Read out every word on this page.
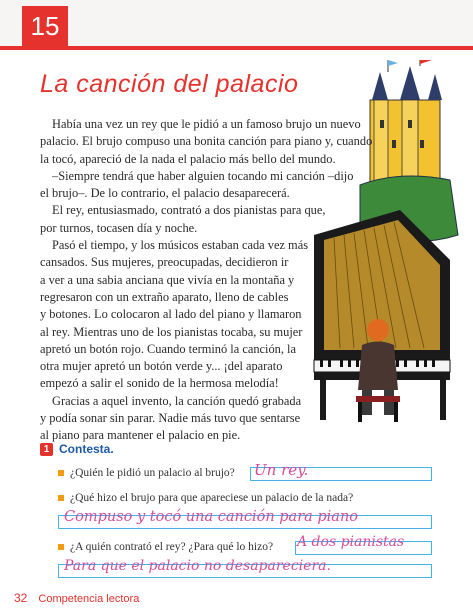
15
La canción del palacio

Había una vez un rey que le pidió a un famoso brujo un nuevo

palacio. El brujo compuso una bonita canción para piano y, cuando
la tocó, apareció de la nada el palacio más bello del mundo.
–Siempre tendrá que haber alguien tocando mi canción –dijo
el brujo–. De lo contrario, el palacio desaparecerá.
El rey, entusiasmado, contrató a dos pianistas para que,
por turnos, tocasen día y noche.
Pasó el tiempo, y los músicos estaban cada vez más
cansados. Sus mujeres, preocupadas, decidieron ir
a ver a una sabia anciana que vivía en la montaña y
regresaron con un extraño aparato, lleno de cables
y botones. Lo colocaron al lado del piano y llamaron
al rey. Mientras uno de los pianistas tocaba, su mujer
apretó un botón rojo. Cuando terminó la canción, la
otra mujer apretó un botón verde y... ¡del aparato
empezó a salir el sonido de la hermosa melodía!
Gracias a aquel invento, la canción quedó grabada
y podía sonar sin parar. Nadie más tuvo que sentarse
al piano para mantener el palacio en pie.
1 Contesta.
¿Quién le pidió un palacio al brujo? Un rey.
¿Qué hizo el brujo para que apareciese un palacio de la nada?
Compuso y tocó una canción para piano
¿A quién contrató el rey? ¿Para qué lo hizo? A dos pianistas
Para que el palacio no desapareciera.
32 Competencia lectora
